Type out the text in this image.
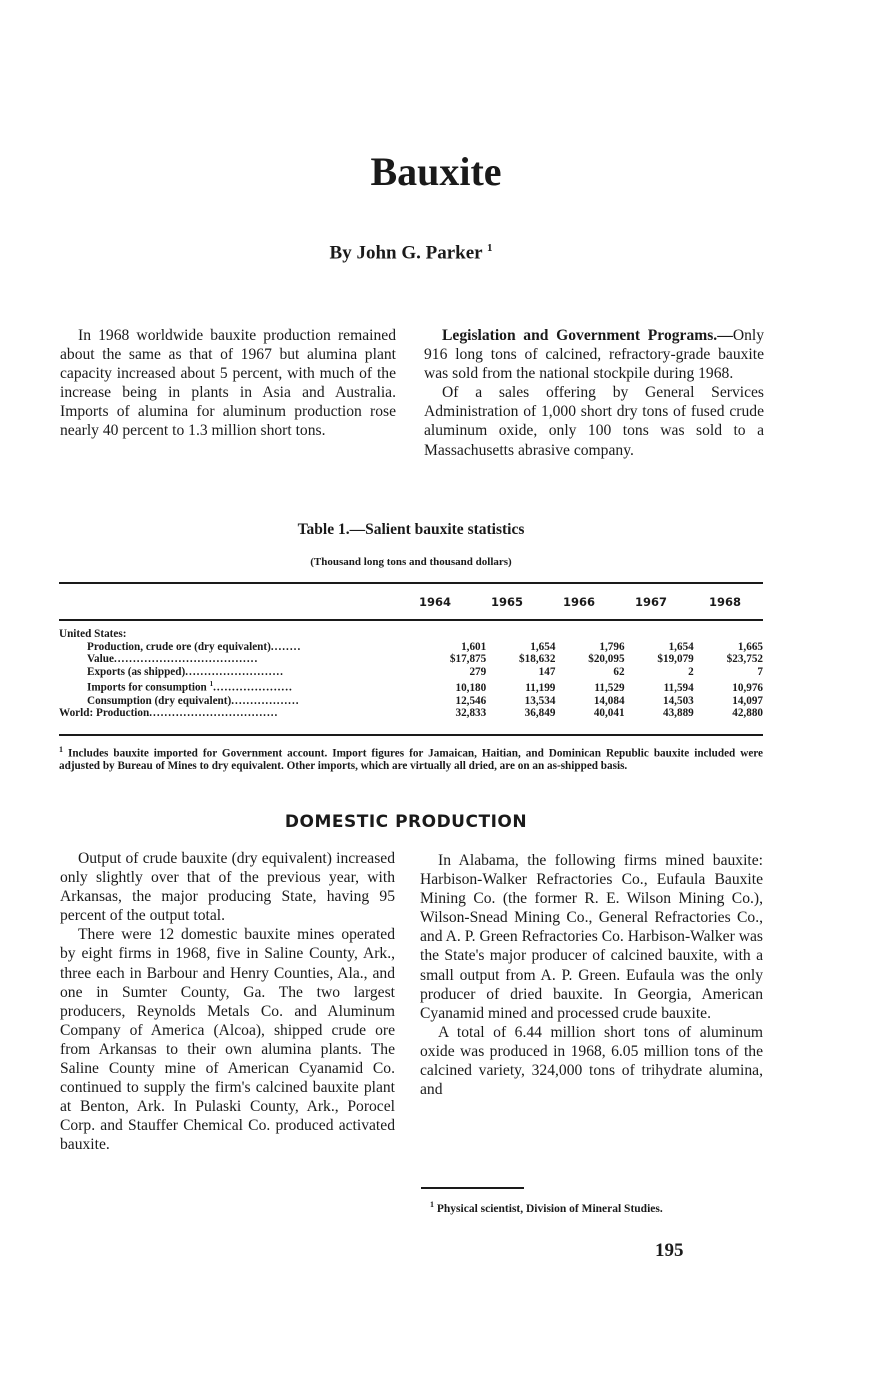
Bauxite
By John G. Parker $^1$

In 1968 worldwide bauxite production remained about the same as that of 1967 but alumina plant capacity increased about 5 percent, with much of the increase being in plants in Asia and Australia. Imports of alumina for aluminum production rose nearly 40 percent to 1.3 million short tons.

Legislation and Government Programs.—Only 916 long tons of calcined, refractory-grade bauxite was sold from the national stockpile during 1968.

Of a sales offering by General Services Administration of 1,000 short dry tons of fused crude aluminum oxide, only 100 tons was sold to a Massachusetts abrasive company.

Table 1.—Salient bauxite statistics
(Thousand long tons and thousand dollars)
	1964	1965	1966	1967	1968
United States:					
Production, crude ore (dry equivalent)........	1,601	1,654	1,796	1,654	1,665
Value......................................	$17,875	$18,632	$20,095	$19,079	$23,752
Exports (as shipped)..........................	279	147	62	2	7
Imports for consumption $^1$.....................	10,180	11,199	11,529	11,594	10,976
Consumption (dry equivalent)..................	12,546	13,534	14,084	14,503	14,097
World: Production..................................	32,833	36,849	40,041	43,889	42,880
$^1$ Includes bauxite imported for Government account. Import figures for Jamaican, Haitian, and Dominican Republic bauxite included were adjusted by Bureau of Mines to dry equivalent. Other imports, which are virtually all dried, are on an as-shipped basis.
DOMESTIC PRODUCTION

Output of crude bauxite (dry equivalent) increased only slightly over that of the previous year, with Arkansas, the major producing State, having 95 percent of the output total.

There were 12 domestic bauxite mines operated by eight firms in 1968, five in Saline County, Ark., three each in Barbour and Henry Counties, Ala., and one in Sumter County, Ga. The two largest producers, Reynolds Metals Co. and Aluminum Company of America (Alcoa), shipped crude ore from Arkansas to their own alumina plants. The Saline County mine of American Cyanamid Co. continued to supply the firm's calcined bauxite plant at Benton, Ark. In Pulaski County, Ark., Porocel Corp. and Stauffer Chemical Co. produced activated bauxite.

In Alabama, the following firms mined bauxite: Harbison-Walker Refractories Co., Eufaula Bauxite Mining Co. (the former R. E. Wilson Mining Co.), Wilson-Snead Mining Co., General Refractories Co., and A. P. Green Refractories Co. Harbison-Walker was the State's major producer of calcined bauxite, with a small output from A. P. Green. Eufaula was the only producer of dried bauxite. In Georgia, American Cyanamid mined and processed crude bauxite.

A total of 6.44 million short tons of aluminum oxide was produced in 1968, 6.05 million tons of the calcined variety, 324,000 tons of trihydrate alumina, and

$^1$ Physical scientist, Division of Mineral Studies.
195
